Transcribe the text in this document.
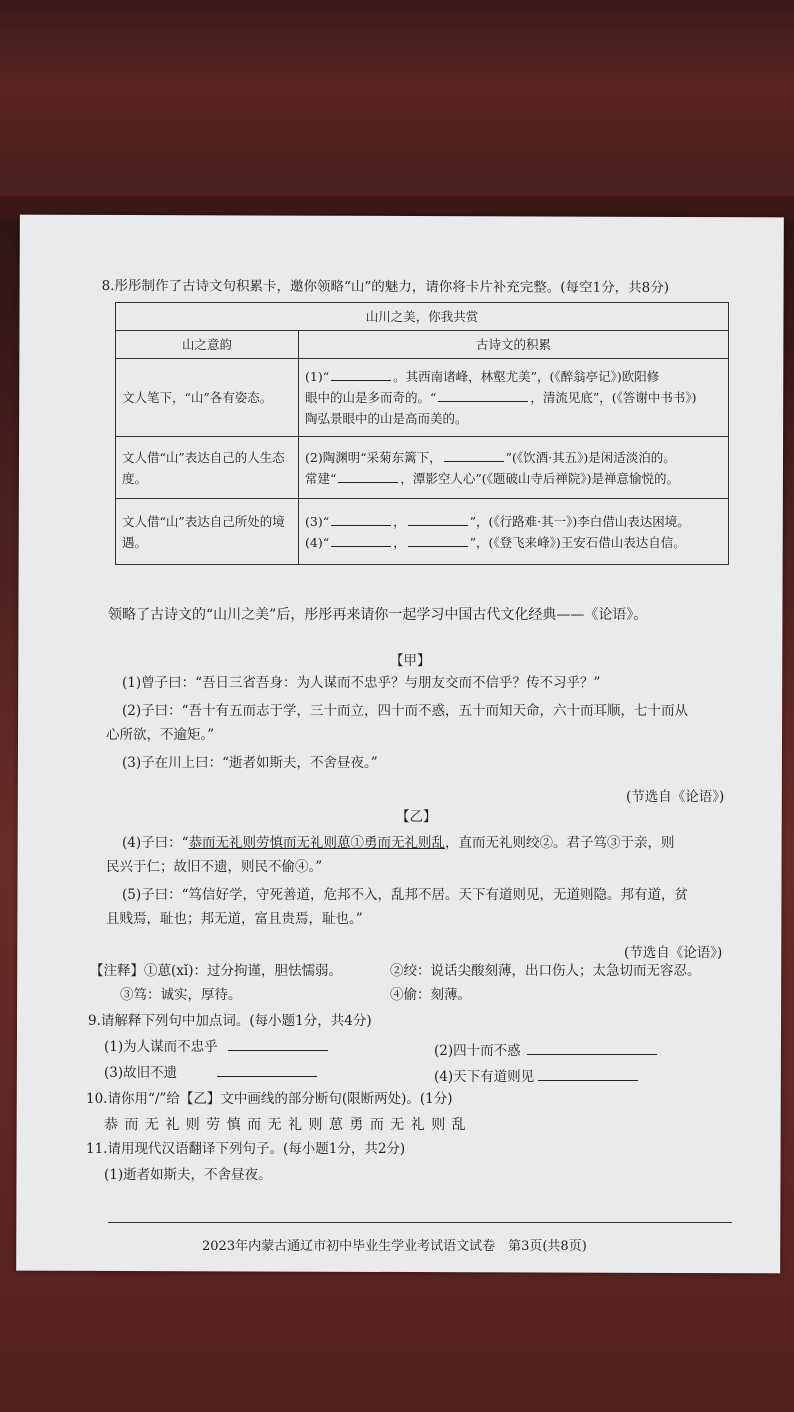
8.彤彤制作了古诗文句积累卡，邀你领略“山”的魅力，请你将卡片补充完整。(每空1分，共8分)
山川之美，你我共赏	
山之意韵	古诗文的积累
文人笔下，“山”各有姿态。	(1)“ 。其西南诸峰，林壑尤美”，(《醉翁亭记》)欧阳修
眼中的山是多而奇的。“ ，清流见底”，(《答谢中书书》)
陶弘景眼中的山是高而美的。
文人借“山”表达自己的人生态度。	(2)陶渊明“采菊东篱下， ”(《饮酒·其五》)是闲适淡泊的。
常建“ ，潭影空人心”(《题破山寺后禅院》)是禅意愉悦的。
文人借“山”表达自己所处的境遇。	(3)“ ， ”，(《行路难·其一》)李白借山表达困境。
(4)“ ， ”，(《登飞来峰》)王安石借山表达自信。
领略了古诗文的“山川之美”后，彤彤再来请你一起学习中国古代文化经典——《论语》。
【甲】
(1)曾子曰：“吾日三省吾身：为人谋而不忠乎？与朋友交而不信乎？传不习乎？”
(2)子曰：“吾十有五而志于学，三十而立，四十而不惑，五十而知天命，六十而耳顺，七十而从
心所欲，不逾矩。”
(3)子在川上曰：“逝者如斯夫，不舍昼夜。”
(节选自《论语》)
【乙】
(4)子曰：“恭而无礼则劳慎而无礼则葸①勇而无礼则乱，直而无礼则绞②。君子笃③于亲，则
民兴于仁；故旧不遗，则民不偷④。”
(5)子曰：“笃信好学，守死善道，危邦不入，乱邦不居。天下有道则见，无道则隐。邦有道，贫
且贱焉，耻也；邦无道，富且贵焉，耻也。”
(节选自《论语》)
【注释】①葸(xǐ)：过分拘谨，胆怯懦弱。	②绞：说话尖酸刻薄，出口伤人；太急切而无容忍。
③笃：诚实，厚待。	④偷：刻薄。
9.请解释下列句中加点词。(每小题1分，共4分)
(1)为人谋而不忠乎	(2)四十而不惑
(3)故旧不遗	(4)天下有道则见
10.请你用“/”给【乙】文中画线的部分断句(限断两处)。(1分)
恭 而 无 礼 则 劳 慎 而 无 礼 则 葸 勇 而 无 礼 则 乱
11.请用现代汉语翻译下列句子。(每小题1分，共2分)
(1)逝者如斯夫，不舍昼夜。
2023年内蒙古通辽市初中毕业生学业考试语文试卷　第3页(共8页)
